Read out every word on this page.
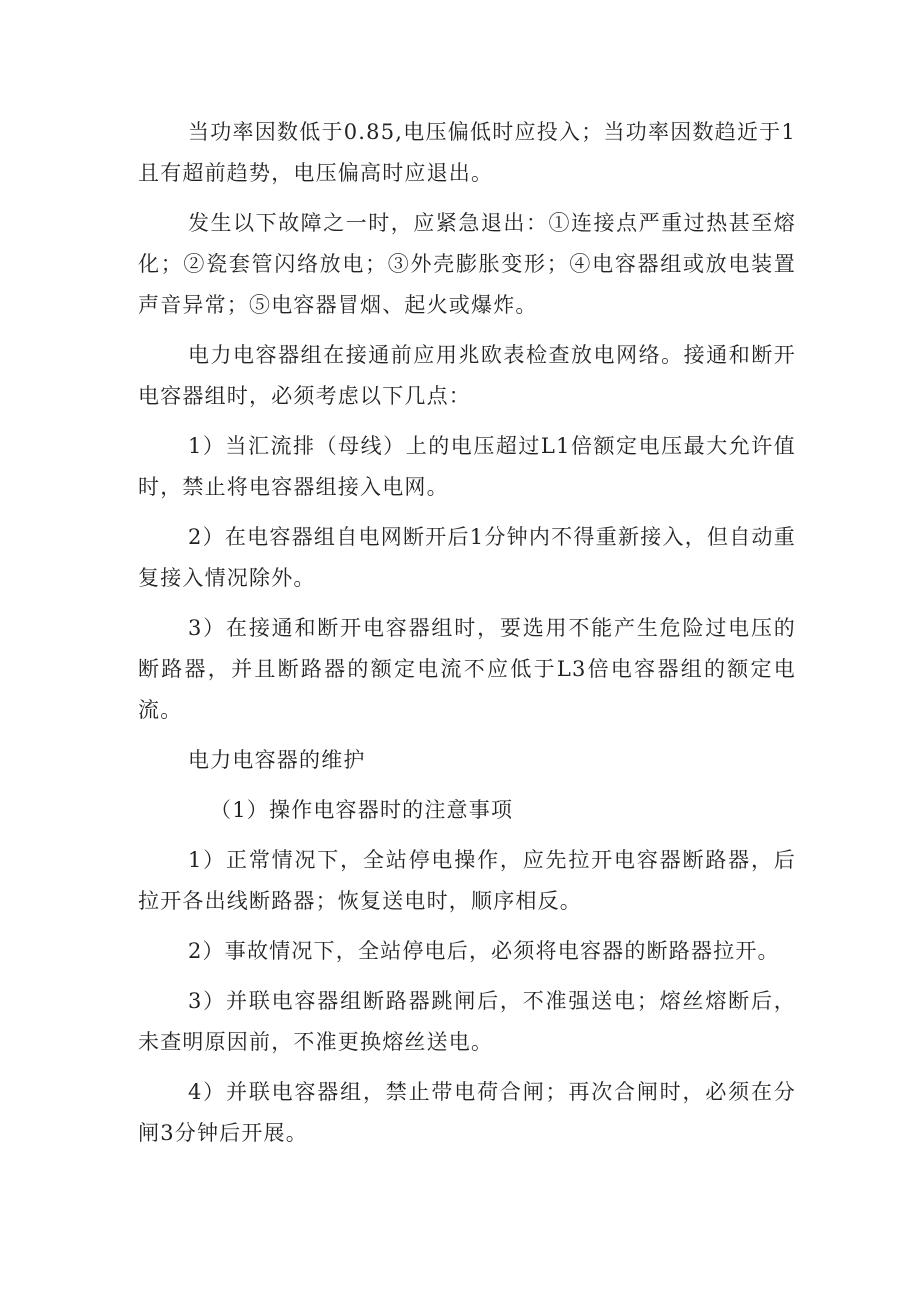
当功率因数低于0.85,电压偏低时应投入；当功率因数趋近于1且有超前趋势，电压偏高时应退出。

发生以下故障之一时，应紧急退出：①连接点严重过热甚至熔化；②瓷套管闪络放电；③外壳膨胀变形；④电容器组或放电装置声音异常；⑤电容器冒烟、起火或爆炸。

电力电容器组在接通前应用兆欧表检查放电网络。接通和断开电容器组时，必须考虑以下几点：

1）当汇流排（母线）上的电压超过L1倍额定电压最大允许值时，禁止将电容器组接入电网。

2）在电容器组自电网断开后1分钟内不得重新接入，但自动重复接入情况除外。

3）在接通和断开电容器组时，要选用不能产生危险过电压的断路器，并且断路器的额定电流不应低于L3倍电容器组的额定电流。

电力电容器的维护

（1）操作电容器时的注意事项

1）正常情况下，全站停电操作，应先拉开电容器断路器，后拉开各出线断路器；恢复送电时，顺序相反。

2）事故情况下，全站停电后，必须将电容器的断路器拉开。

3）并联电容器组断路器跳闸后，不准强送电；熔丝熔断后，未查明原因前，不准更换熔丝送电。

4）并联电容器组，禁止带电荷合闸；再次合闸时，必须在分闸3分钟后开展。
